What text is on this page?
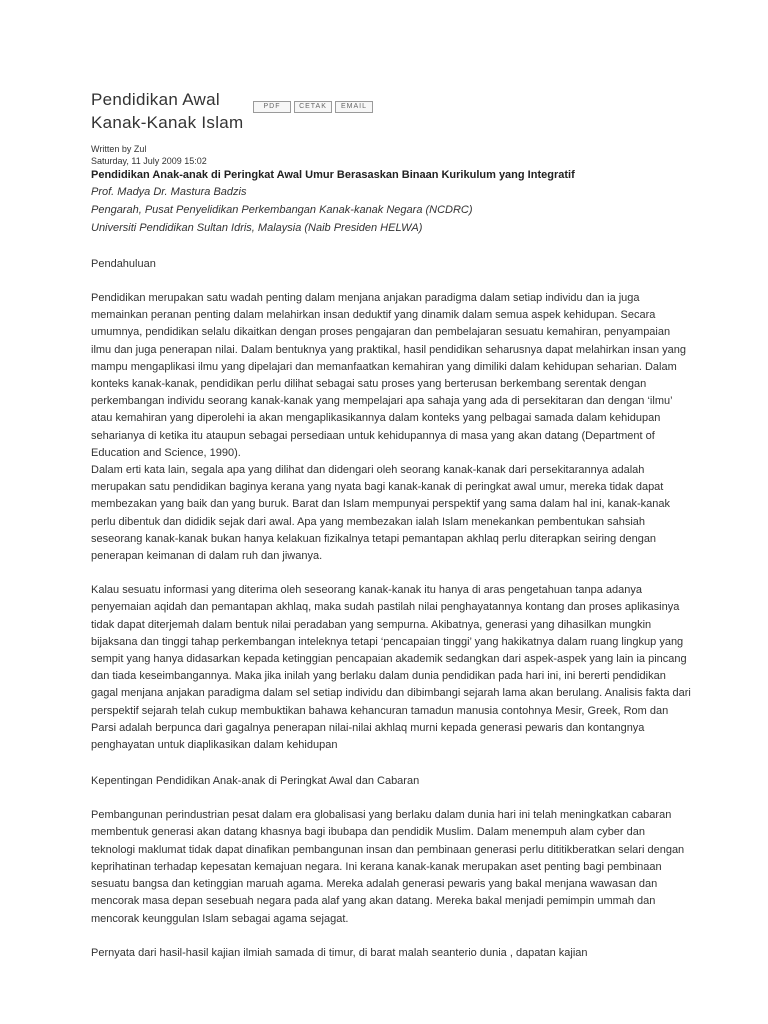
Pendidikan Awal
Kanak-Kanak Islam
PDF	CETAK	EMAIL
Written by Zul
Saturday, 11 July 2009 15:02
Pendidikan Anak-anak di Peringkat Awal Umur Berasaskan Binaan Kurikulum yang Integratif
Prof. Madya Dr. Mastura Badzis
Pengarah, Pusat Penyelidikan Perkembangan Kanak-kanak Negara (NCDRC)
Universiti Pendidikan Sultan Idris, Malaysia (Naib Presiden HELWA)
Pendahuluan

Pendidikan merupakan satu wadah penting dalam menjana anjakan paradigma dalam setiap individu dan ia juga memainkan peranan penting dalam melahirkan insan deduktif yang dinamik dalam semua aspek kehidupan. Secara umumnya, pendidikan selalu dikaitkan dengan proses pengajaran dan pembelajaran sesuatu kemahiran, penyampaian ilmu dan juga penerapan nilai. Dalam bentuknya yang praktikal, hasil pendidikan seharusnya dapat melahirkan insan yang mampu mengaplikasi ilmu yang dipelajari dan memanfaatkan kemahiran yang dimiliki dalam kehidupan seharian. Dalam konteks kanak-kanak, pendidikan perlu dilihat sebagai satu proses yang berterusan berkembang serentak dengan perkembangan individu seorang kanak-kanak yang mempelajari apa sahaja yang ada di persekitaran dan dengan ‘ilmu’ atau kemahiran yang diperolehi ia akan mengaplikasikannya dalam konteks yang pelbagai samada dalam kehidupan seharianya di ketika itu ataupun sebagai persediaan untuk kehidupannya di masa yang akan datang (Department of Education and Science, 1990).

Dalam erti kata lain, segala apa yang dilihat dan didengari oleh seorang kanak-kanak dari persekitarannya adalah merupakan satu pendidikan baginya kerana yang nyata bagi kanak-kanak di peringkat awal umur, mereka tidak dapat membezakan yang baik dan yang buruk. Barat dan Islam mempunyai perspektif yang sama dalam hal ini, kanak-kanak perlu dibentuk dan dididik sejak dari awal. Apa yang membezakan ialah Islam menekankan pembentukan sahsiah seseorang kanak-kanak bukan hanya kelakuan fizikalnya tetapi pemantapan akhlaq perlu diterapkan seiring dengan penerapan keimanan di dalam ruh dan jiwanya.

Kalau sesuatu informasi yang diterima oleh seseorang kanak-kanak itu hanya di aras pengetahuan tanpa adanya penyemaian aqidah dan pemantapan akhlaq, maka sudah pastilah nilai penghayatannya kontang dan proses aplikasinya tidak dapat diterjemah dalam bentuk nilai peradaban yang sempurna. Akibatnya, generasi yang dihasilkan mungkin bijaksana dan tinggi tahap perkembangan inteleknya tetapi ‘pencapaian tinggi’ yang hakikatnya dalam ruang lingkup yang sempit yang hanya didasarkan kepada ketinggian pencapaian akademik sedangkan dari aspek-aspek yang lain ia pincang dan tiada keseimbangannya. Maka jika inilah yang berlaku dalam dunia pendidikan pada hari ini, ini bererti pendidikan gagal menjana anjakan paradigma dalam sel setiap individu dan dibimbangi sejarah lama akan berulang. Analisis fakta dari perspektif sejarah telah cukup membuktikan bahawa kehancuran tamadun manusia contohnya Mesir, Greek, Rom dan Parsi adalah berpunca dari gagalnya penerapan nilai-nilai akhlaq murni kepada generasi pewaris dan kontangnya penghayatan untuk diaplikasikan dalam kehidupan

Kepentingan Pendidikan Anak-anak di Peringkat Awal dan Cabaran

Pembangunan perindustrian pesat dalam era globalisasi yang berlaku dalam dunia hari ini telah meningkatkan cabaran membentuk generasi akan datang khasnya bagi ibubapa dan pendidik Muslim. Dalam menempuh alam cyber dan teknologi maklumat tidak dapat dinafikan pembangunan insan dan pembinaan generasi perlu dititikberatkan selari dengan keprihatinan terhadap kepesatan kemajuan negara. Ini kerana kanak-kanak merupakan aset penting bagi pembinaan sesuatu bangsa dan ketinggian maruah agama. Mereka adalah generasi pewaris yang bakal menjana wawasan dan mencorak masa depan sesebuah negara pada alaf yang akan datang. Mereka bakal menjadi pemimpin ummah dan mencorak keunggulan Islam sebagai agama sejagat.

Pernyata dari hasil-hasil kajian ilmiah samada di timur, di barat malah seanterio dunia , dapatan kajian
